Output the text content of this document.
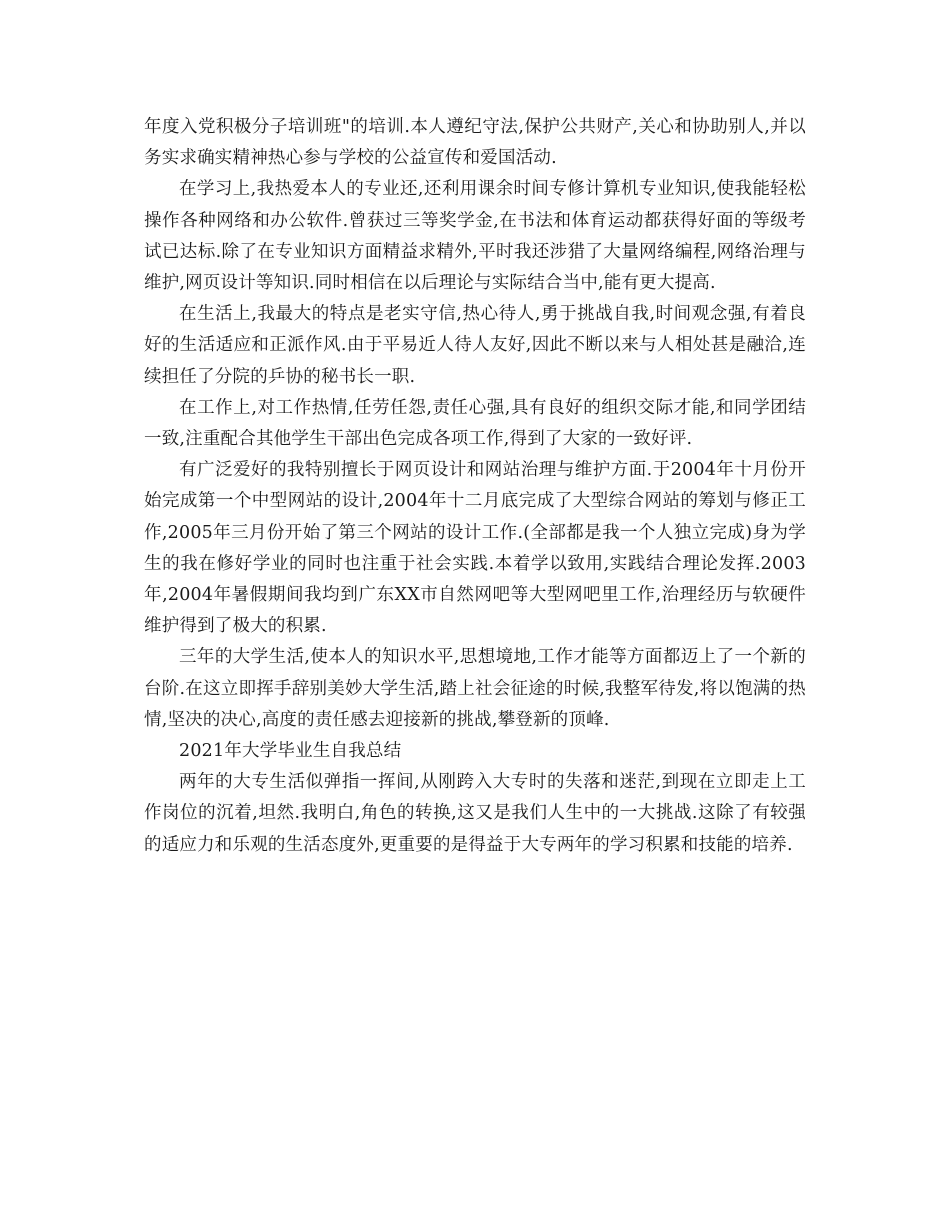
年度入党积极分子培训班"的培训.本人遵纪守法,保护公共财产,关心和协助别人,并以务实求确实精神热心参与学校的公益宣传和爱国活动.

在学习上,我热爱本人的专业还,还利用课余时间专修计算机专业知识,使我能轻松操作各种网络和办公软件.曾获过三等奖学金,在书法和体育运动都获得好面的等级考试已达标.除了在专业知识方面精益求精外,平时我还涉猎了大量网络编程,网络治理与维护,网页设计等知识.同时相信在以后理论与实际结合当中,能有更大提高.

在生活上,我最大的特点是老实守信,热心待人,勇于挑战自我,时间观念强,有着良好的生活适应和正派作风.由于平易近人待人友好,因此不断以来与人相处甚是融洽,连续担任了分院的乒协的秘书长一职.

在工作上,对工作热情,任劳任怨,责任心强,具有良好的组织交际才能,和同学团结一致,注重配合其他学生干部出色完成各项工作,得到了大家的一致好评.

有广泛爱好的我特别擅长于网页设计和网站治理与维护方面.于2004年十月份开始完成第一个中型网站的设计,2004年十二月底完成了大型综合网站的筹划与修正工作,2005年三月份开始了第三个网站的设计工作.(全部都是我一个人独立完成)身为学生的我在修好学业的同时也注重于社会实践.本着学以致用,实践结合理论发挥.2003年,2004年暑假期间我均到广东XX市自然网吧等大型网吧里工作,治理经历与软硬件维护得到了极大的积累.

三年的大学生活,使本人的知识水平,思想境地,工作才能等方面都迈上了一个新的台阶.在这立即挥手辞别美妙大学生活,踏上社会征途的时候,我整军待发,将以饱满的热情,坚决的决心,高度的责任感去迎接新的挑战,攀登新的顶峰.

2021年大学毕业生自我总结

两年的大专生活似弹指一挥间,从刚跨入大专时的失落和迷茫,到现在立即走上工作岗位的沉着,坦然.我明白,角色的转换,这又是我们人生中的一大挑战.这除了有较强的适应力和乐观的生活态度外,更重要的是得益于大专两年的学习积累和技能的培养.
